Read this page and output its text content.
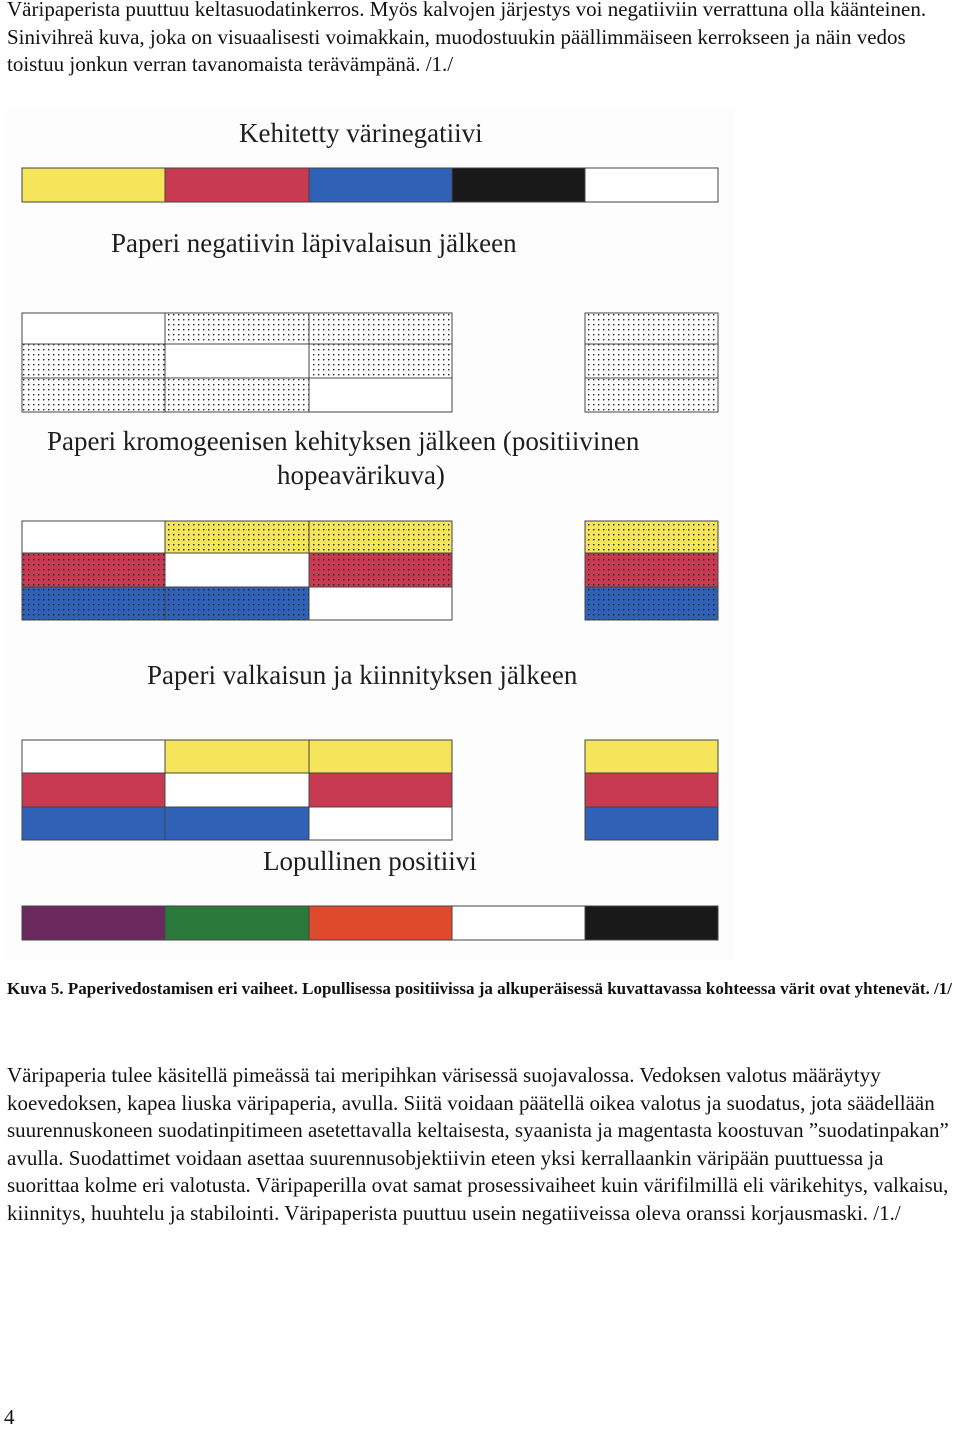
Väripaperista puuttuu keltasuodatinkerros. Myös kalvojen järjestys voi negatiiviin verrattuna olla käänteinen. Sinivihreä kuva, joka on visuaalisesti voimakkain, muodostuukin päällimmäiseen kerrokseen ja näin vedos toistuu jonkun verran tavanomaista terävämpänä. /1./

Kehitetty värinegatiivi
Paperi negatiivin läpivalaisun jälkeen
Paperi kromogeenisen kehityksen jälkeen (positiivinen
hopeavärikuva)
Paperi valkaisun ja kiinnityksen jälkeen
Lopullinen positiivi

Kuva 5. Paperivedostamisen eri vaiheet. Lopullisessa positiivissa ja alkuperäisessä kuvattavassa kohteessa värit ovat yhtenevät. /1/

Väripaperia tulee käsitellä pimeässä tai meripihkan värisessä suojavalossa. Vedoksen valotus määräytyy koevedoksen, kapea liuska väripaperia, avulla. Siitä voidaan päätellä oikea valotus ja suodatus, jota säädellään suurennuskoneen suodatinpitimeen asetettavalla keltaisesta, syaanista ja magentasta koostuvan ”suodatinpakan” avulla. Suodattimet voidaan asettaa suurennusobjektiivin eteen yksi kerrallaankin väripään puuttuessa ja suorittaa kolme eri valotusta. Väripaperilla ovat samat prosessivaiheet kuin värifilmillä eli värikehitys, valkaisu, kiinnitys, huuhtelu ja stabilointi. Väripaperista puuttuu usein negatiiveissa oleva oranssi korjausmaski. /1./

4
